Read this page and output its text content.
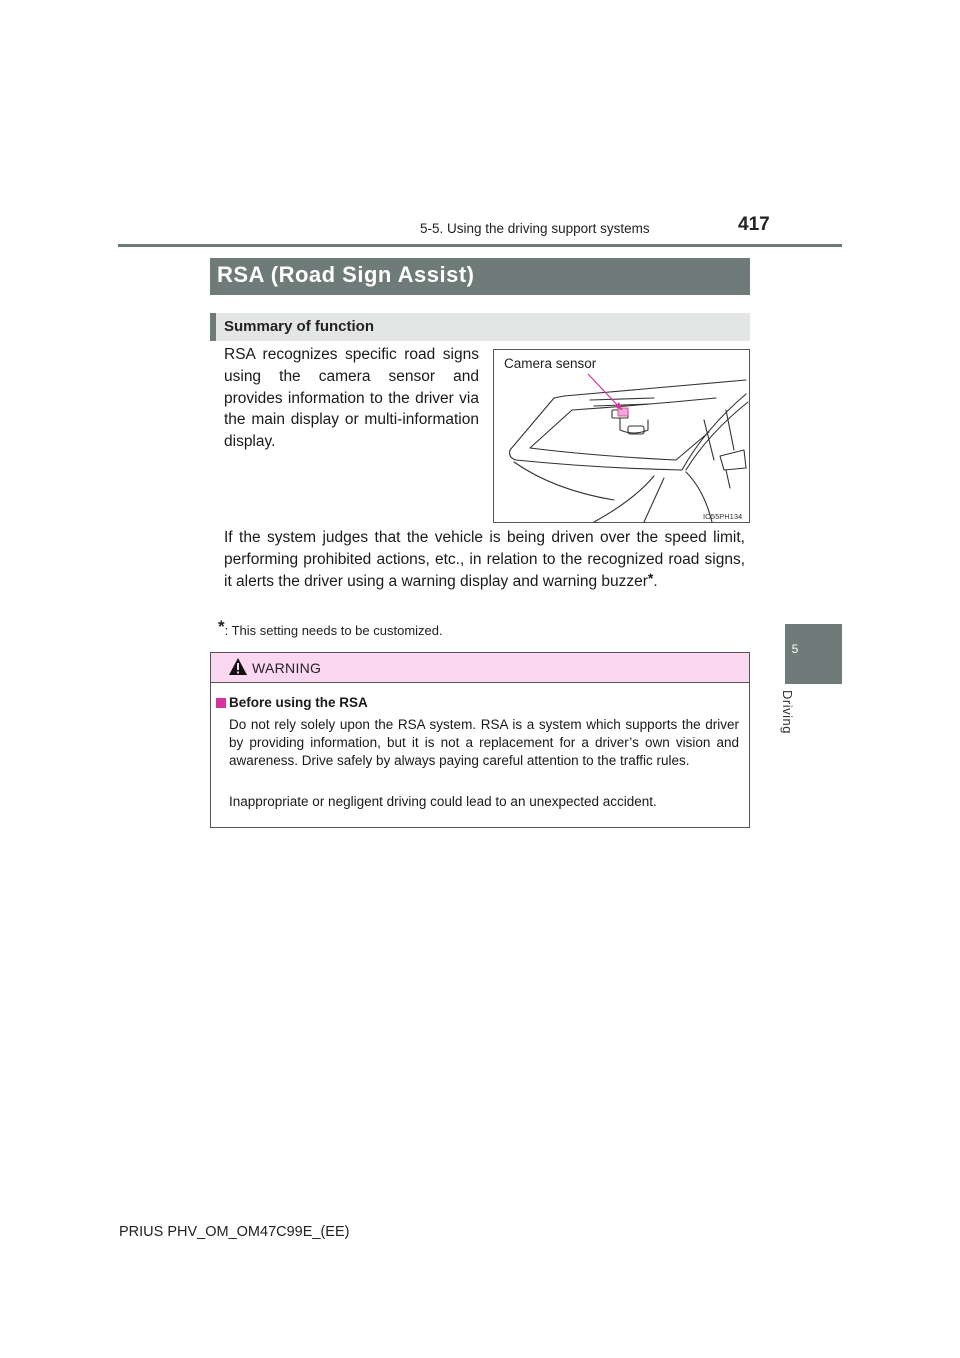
5-5. Using the driving support systems	417
5
Driving
RSA (Road Sign Assist)
Summary of function
RSA recognizes specific road signs using the camera sensor and provides information to the driver via the main display or multi-information display.
If the system judges that the vehicle is being driven over the speed limit, performing prohibited actions, etc., in relation to the recognized road signs, it alerts the driver using a warning display and warning buzzer*.
*: This setting needs to be customized.
Camera sensor
IO55PH134
WARNING
Before using the RSA
Do not rely solely upon the RSA system. RSA is a system which supports the driver by providing information, but it is not a replacement for a driver’s own vision and awareness. Drive safely by always paying careful attention to the traffic rules.
Inappropriate or negligent driving could lead to an unexpected accident.
PRIUS PHV_OM_OM47C99E_(EE)
